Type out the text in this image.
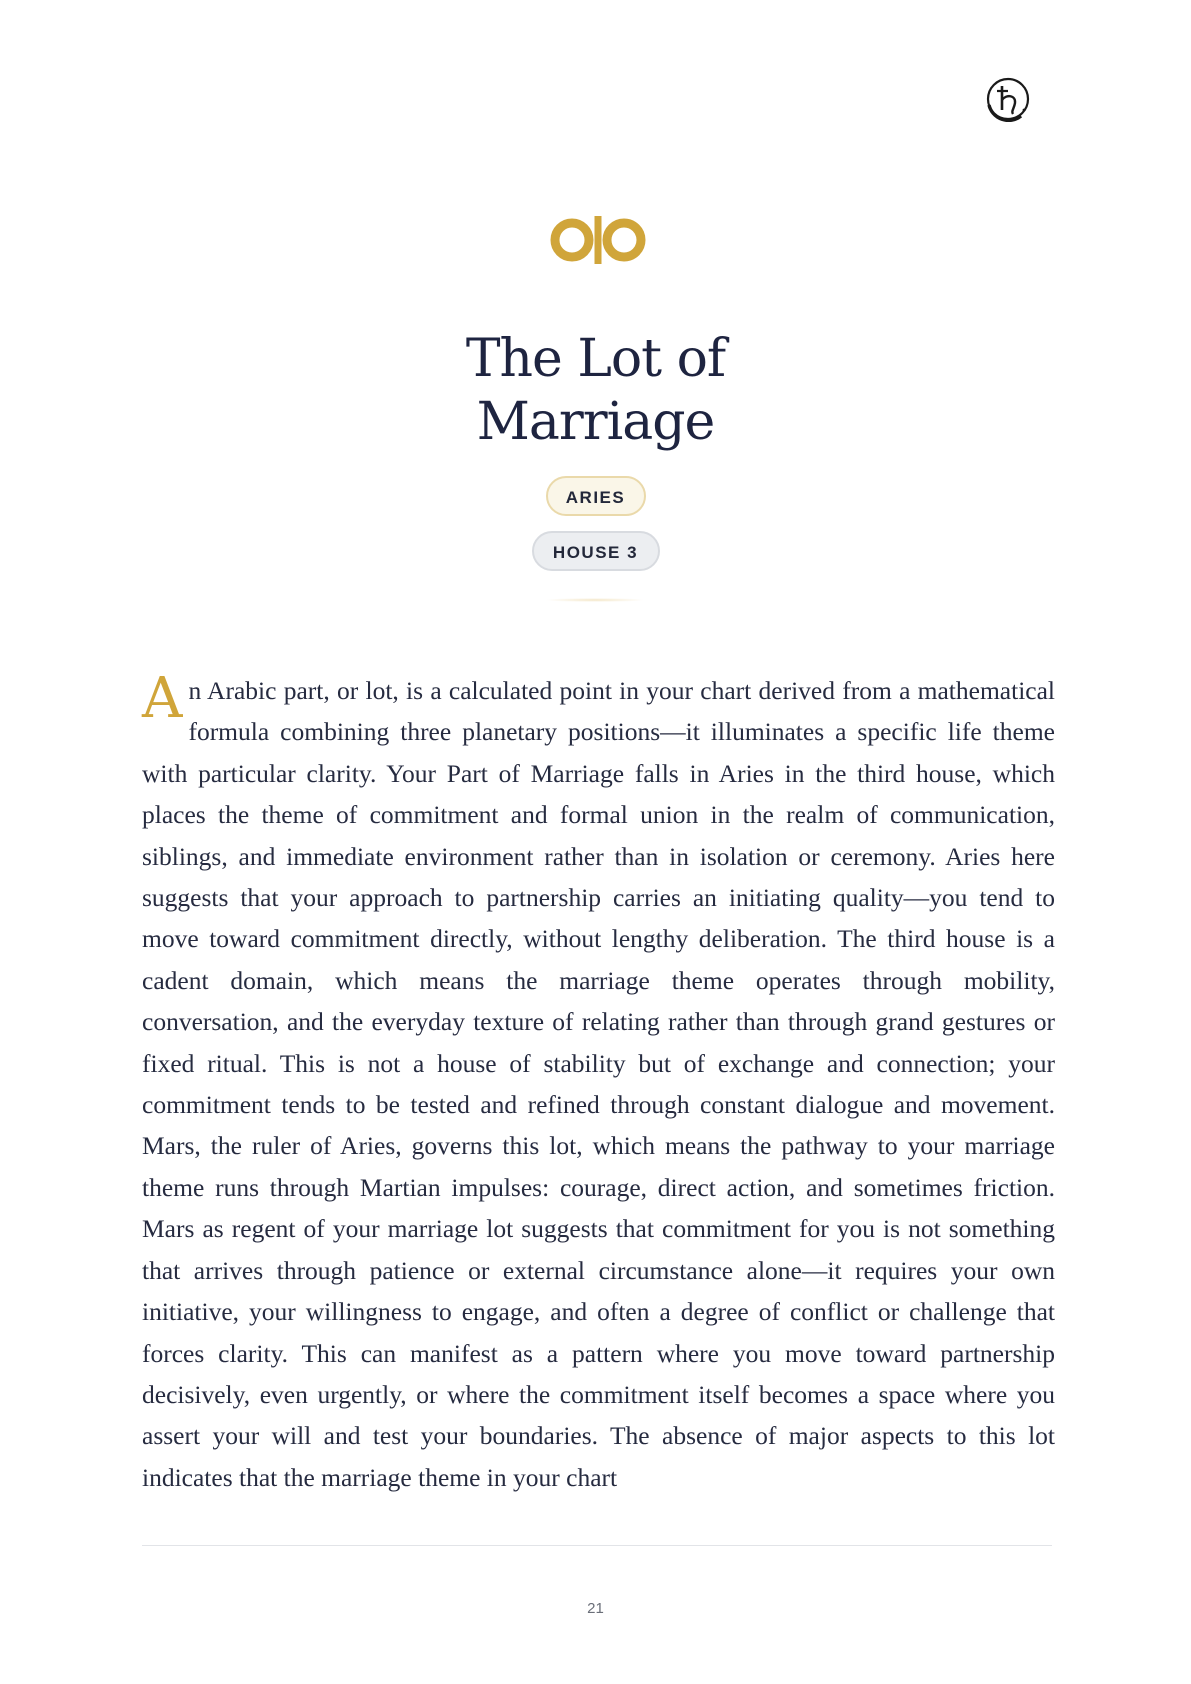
The Lot of
Marriage
ARIES
HOUSE 3

An Arabic part, or lot, is a calculated point in your chart derived from a mathematical formula combining three planetary positions—it illuminates a specific life theme with particular clarity. Your Part of Marriage falls in Aries in the third house, which places the theme of commitment and formal union in the realm of communication, siblings, and immediate environment rather than in isolation or ceremony. Aries here suggests that your approach to partnership carries an initiating quality—you tend to move toward commitment directly, without lengthy deliberation. The third house is a cadent domain, which means the marriage theme operates through mobility, conversation, and the everyday texture of relating rather than through grand gestures or fixed ritual. This is not a house of stability but of exchange and connection; your commitment tends to be tested and refined through constant dialogue and movement. Mars, the ruler of Aries, governs this lot, which means the pathway to your marriage theme runs through Martian impulses: courage, direct action, and sometimes friction. Mars as regent of your marriage lot suggests that commitment for you is not something that arrives through patience or external circumstance alone—it requires your own initiative, your willingness to engage, and often a degree of conflict or challenge that forces clarity. This can manifest as a pattern where you move toward partnership decisively, even urgently, or where the commitment itself becomes a space where you assert your will and test your boundaries. The absence of major aspects to this lot indicates that the marriage theme in your chart

21
